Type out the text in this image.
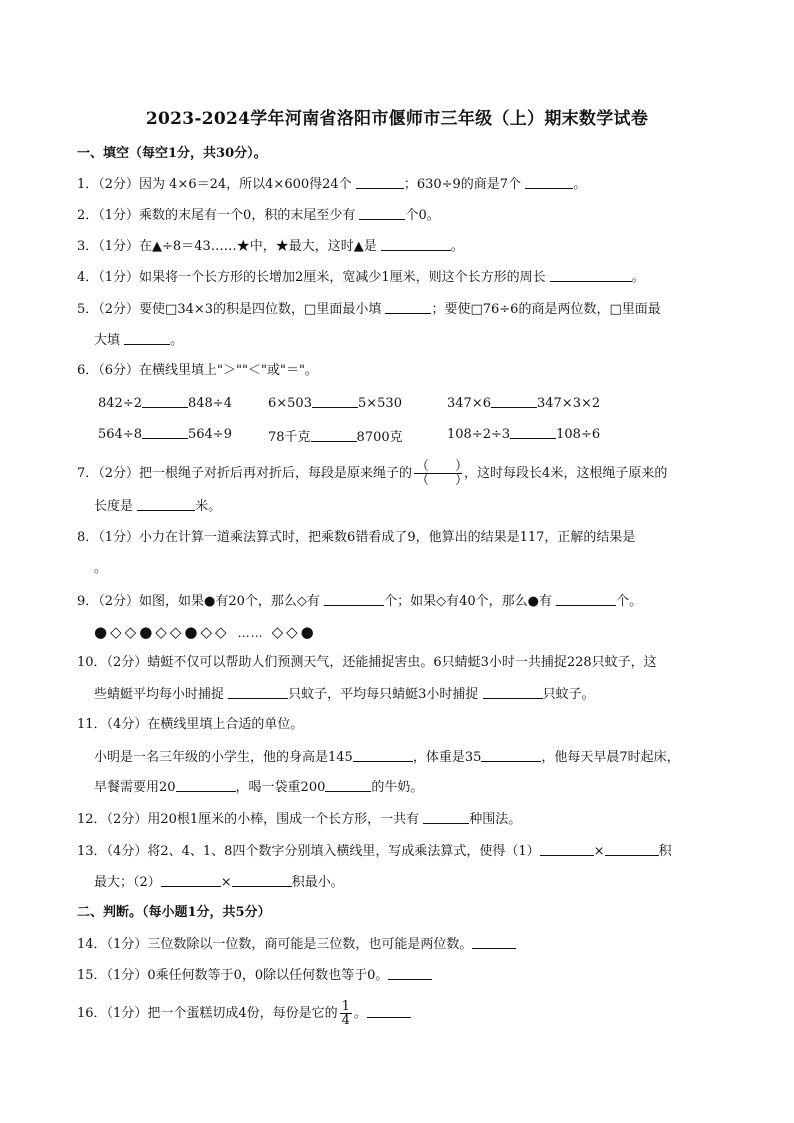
2023-2024学年河南省洛阳市偃师市三年级（上）期末数学试卷
一、填空（每空1分，共30分）。
1．（2分）因为 4×6＝24，所以4×600得24个	；630÷9的商是7个	。
2．（1分）乘数的末尾有一个0，积的末尾至少有	个0。
3．（1分）在▲÷8＝43……★中，★最大，这时▲是	。
4．（1分）如果将一个长方形的长增加2厘米，宽减少1厘米，则这个长方形的周长	。
5．（2分）要使□34×3的积是四位数，□里面最小填	；要使□76÷6的商是两位数，□里面最
大填	。
6．（6分）在横线里填上"＞""＜"或"＝"。
842÷2	848÷4	6×503	5×530	347×6	347×3×2
564÷8	564÷9	78千克	8700克	108÷2÷3	108÷6
7．（2分）把一根绳子对折后再对折后，每段是原来绳子的 $\frac{( )}{( )}$ ，这时每段长4米，这根绳子原来的
长度是	米。
8．（1分）小力在计算一道乘法算式时，把乘数6错看成了9，他算出的结果是117，正解的结果是
。
9．（2分）如图，如果●有20个，那么◇有	个；如果◇有40个，那么●有	个。
● ◇ ◇ ● ◇ ◇ ● ◇ ◇ …… ◇ ◇ ●
10．（2分）蜻蜓不仅可以帮助人们预测天气，还能捕捉害虫。6只蜻蜓3小时一共捕捉228只蚊子，这
些蜻蜓平均每小时捕捉	只蚊子，平均每只蜻蜓3小时捕捉	只蚊子。
11．（4分）在横线里填上合适的单位。
小明是一名三年级的小学生，他的身高是145	，体重是35	，他每天早晨7时起床，
早餐需要用20	，喝一袋重200	的牛奶。
12．（2分）用20根1厘米的小棒，围成一个长方形，一共有	种围法。
13．（4分）将2、4、1、8四个数字分别填入横线里，写成乘法算式，使得（1）	×	积
最大；（2）	×	积最小。
二、判断。（每小题1分，共5分）
14．（1分）三位数除以一位数，商可能是三位数，也可能是两位数。
15．（1分）0乘任何数等于0，0除以任何数也等于0。
16．（1分）把一个蛋糕切成4份，每份是它的 $\frac{1}{4}$ 。
